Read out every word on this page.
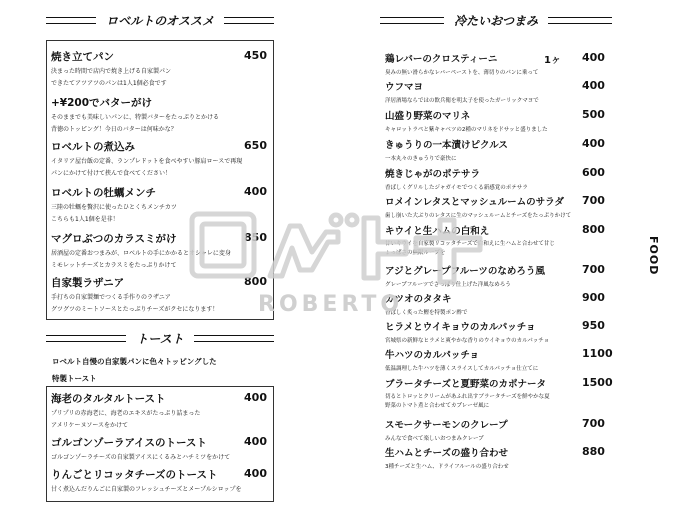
ロベルトのオススメ
焼き立てパン	450
決まった時間で店内で焼き上げる自家製パン
できたてアツアツのパンは1人1個必食です
+¥200でバターがけ
そのままでも美味しいパンに、特製バターをたっぷりとかける
背徳のトッピング！今日のバターは何味かな？
ロベルトの煮込み	650
イタリア屋台飯の定番、ランプレドットを食べやすい豚肩ロースで再現
パンにかけて付けて挟んで食べてください！
ロベルトの牡蠣メンチ	400
三陸の牡蠣を贅沢に使ったひとくちメンチカツ
こちらも1人1個を是非！
マグロぶつのカラスミがけ	850
居酒屋の定番おつまみが、ロベルトの手にかかるとオシャレに変身
ミモレットチーズとカラスミをたっぷりかけて
自家製ラザニア	800
手打ちの自家製麺でつくる手作りのラザニア
グツグツのミートソースとたっぷりチーズがクセになります！
トースト
ロベルト自慢の自家製パンに色々トッピングした
特製トースト
海老のタルタルトースト	400
プリプリの赤海老に、海老のエキスがたっぷり詰まった
アメリケーヌソースをかけて
ゴルゴンゾーラアイスのトースト	400
ゴルゴンゾーラチーズの自家製アイスにくるみとハチミツをかけて
りんごとリコッタチーズのトースト 400
甘く煮込んだりんごに自家製のフレッシュチーズとメープルシロップを
冷たいおつまみ
鶏レバーのクロスティーニ	1ヶ 400
臭みの無い滑らかなレバーペーストを、薄切りのパンに乗って
ウフマヨ	400
洋居酒場ならではの飲兵衛を明太子を使ったガーリックマヨで
山盛り野菜のマリネ	500
キャロットラペと紫キャベツの2種のマリネをドサッと盛りました
きゅうりの一本漬けピクルス	400
一本丸々のきゅうりで豪快に
焼きじゃがのポテサラ	600
香ばしくグリルしたジャガイモでつくる新感覚のポテサラ
ロメインレタスとマッシュルームのサラダ 700
歯し崩いた大ぶりのレタスに生のマッシュルームとチーズをたっぷりかけて
キウイと生ハムの白和え	800
甘いキウイを自家製リコッタチーズで白和えに生ハムと合わせて甘じょっぱさの無限ループを
アジとグレープフルーツのなめろう風	700
グレープフルーツでさっぱり仕上げた洋風なめろう
カツオのタタキ	900
香ばしく炙った鰹を特製ポン酢で
ヒラメとウイキョウのカルパッチョ	950
宮城県の新鮮なヒラメと爽やかな香りのウイキョウのカルパッチョ
牛ハツのカルパッチョ	1100
低温調理した牛ハツを薄くスライスしてカルパッチョ仕立てに
ブラータチーズと夏野菜のカポナータ	1500
切るとトロッとクリームがあふれ出すブラータチーズを鮮やかな夏野菜のトマト煮と合わせてカプレーゼ風に
スモークサーモンのクレープ	700
みんなで食べて楽しいおつまみクレープ
生ハムとチーズの盛り合わせ	880
3種チーズと生ハム、ドライフルールの盛り合わせ
ROBERTO
FOOD
